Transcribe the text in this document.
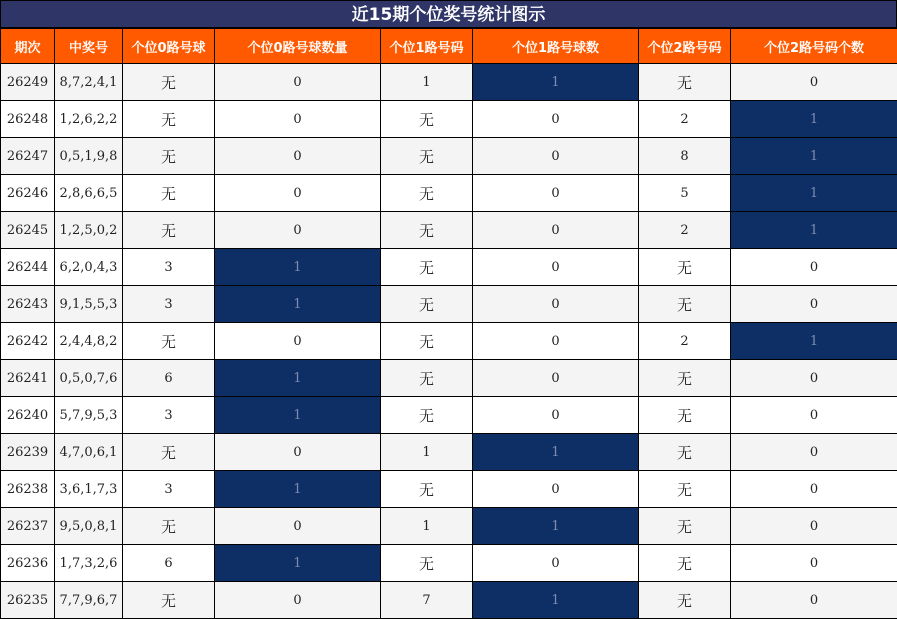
近15期个位奖号统计图示
期次	中奖号	个位0路号球	个位0路号球数量	个位1路号码	个位1路号球数	个位2路号码	个位2路号码个数
26249	8,7,2,4,1	无	0	1	1	无	0
26248	1,2,6,2,2	无	0	无	0	2	1
26247	0,5,1,9,8	无	0	无	0	8	1
26246	2,8,6,6,5	无	0	无	0	5	1
26245	1,2,5,0,2	无	0	无	0	2	1
26244	6,2,0,4,3	3	1	无	0	无	0
26243	9,1,5,5,3	3	1	无	0	无	0
26242	2,4,4,8,2	无	0	无	0	2	1
26241	0,5,0,7,6	6	1	无	0	无	0
26240	5,7,9,5,3	3	1	无	0	无	0
26239	4,7,0,6,1	无	0	1	1	无	0
26238	3,6,1,7,3	3	1	无	0	无	0
26237	9,5,0,8,1	无	0	1	1	无	0
26236	1,7,3,2,6	6	1	无	0	无	0
26235	7,7,9,6,7	无	0	7	1	无	0
